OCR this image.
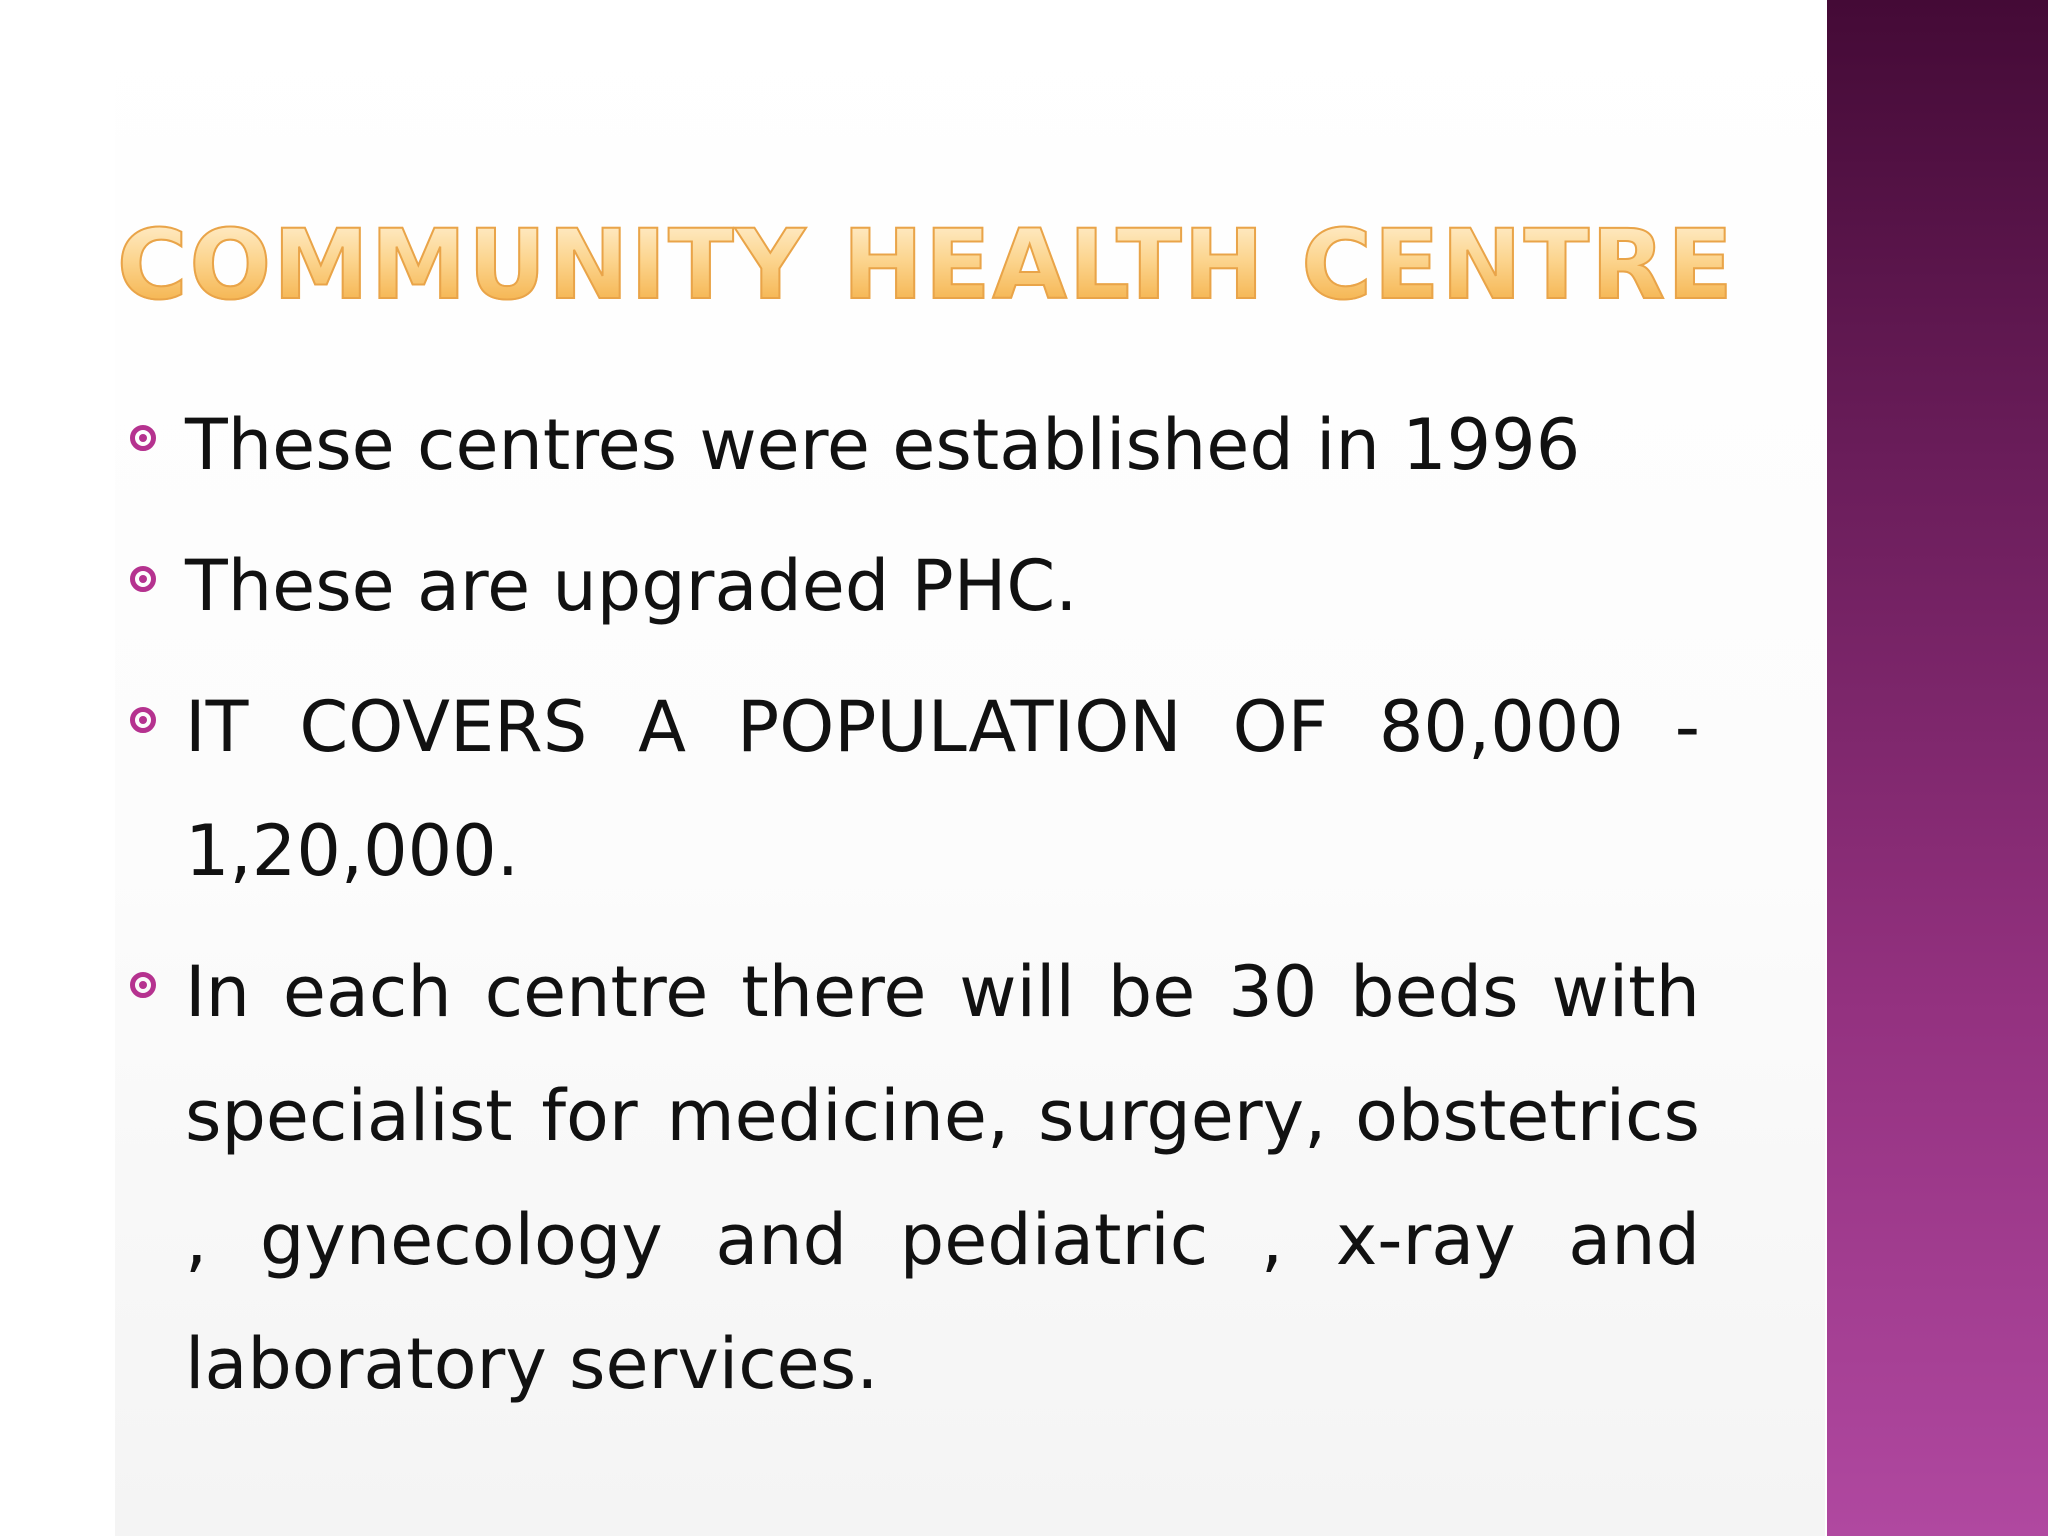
COMMUNITY HEALTH CENTRE
These centres were established in 1996
These are upgraded PHC.
IT COVERS A POPULATION OF 80,000 - 1,20,000.
In each centre there will be 30 beds with specialist for medicine, surgery, obstetrics , gynecology and pediatric , x-ray and laboratory services.
